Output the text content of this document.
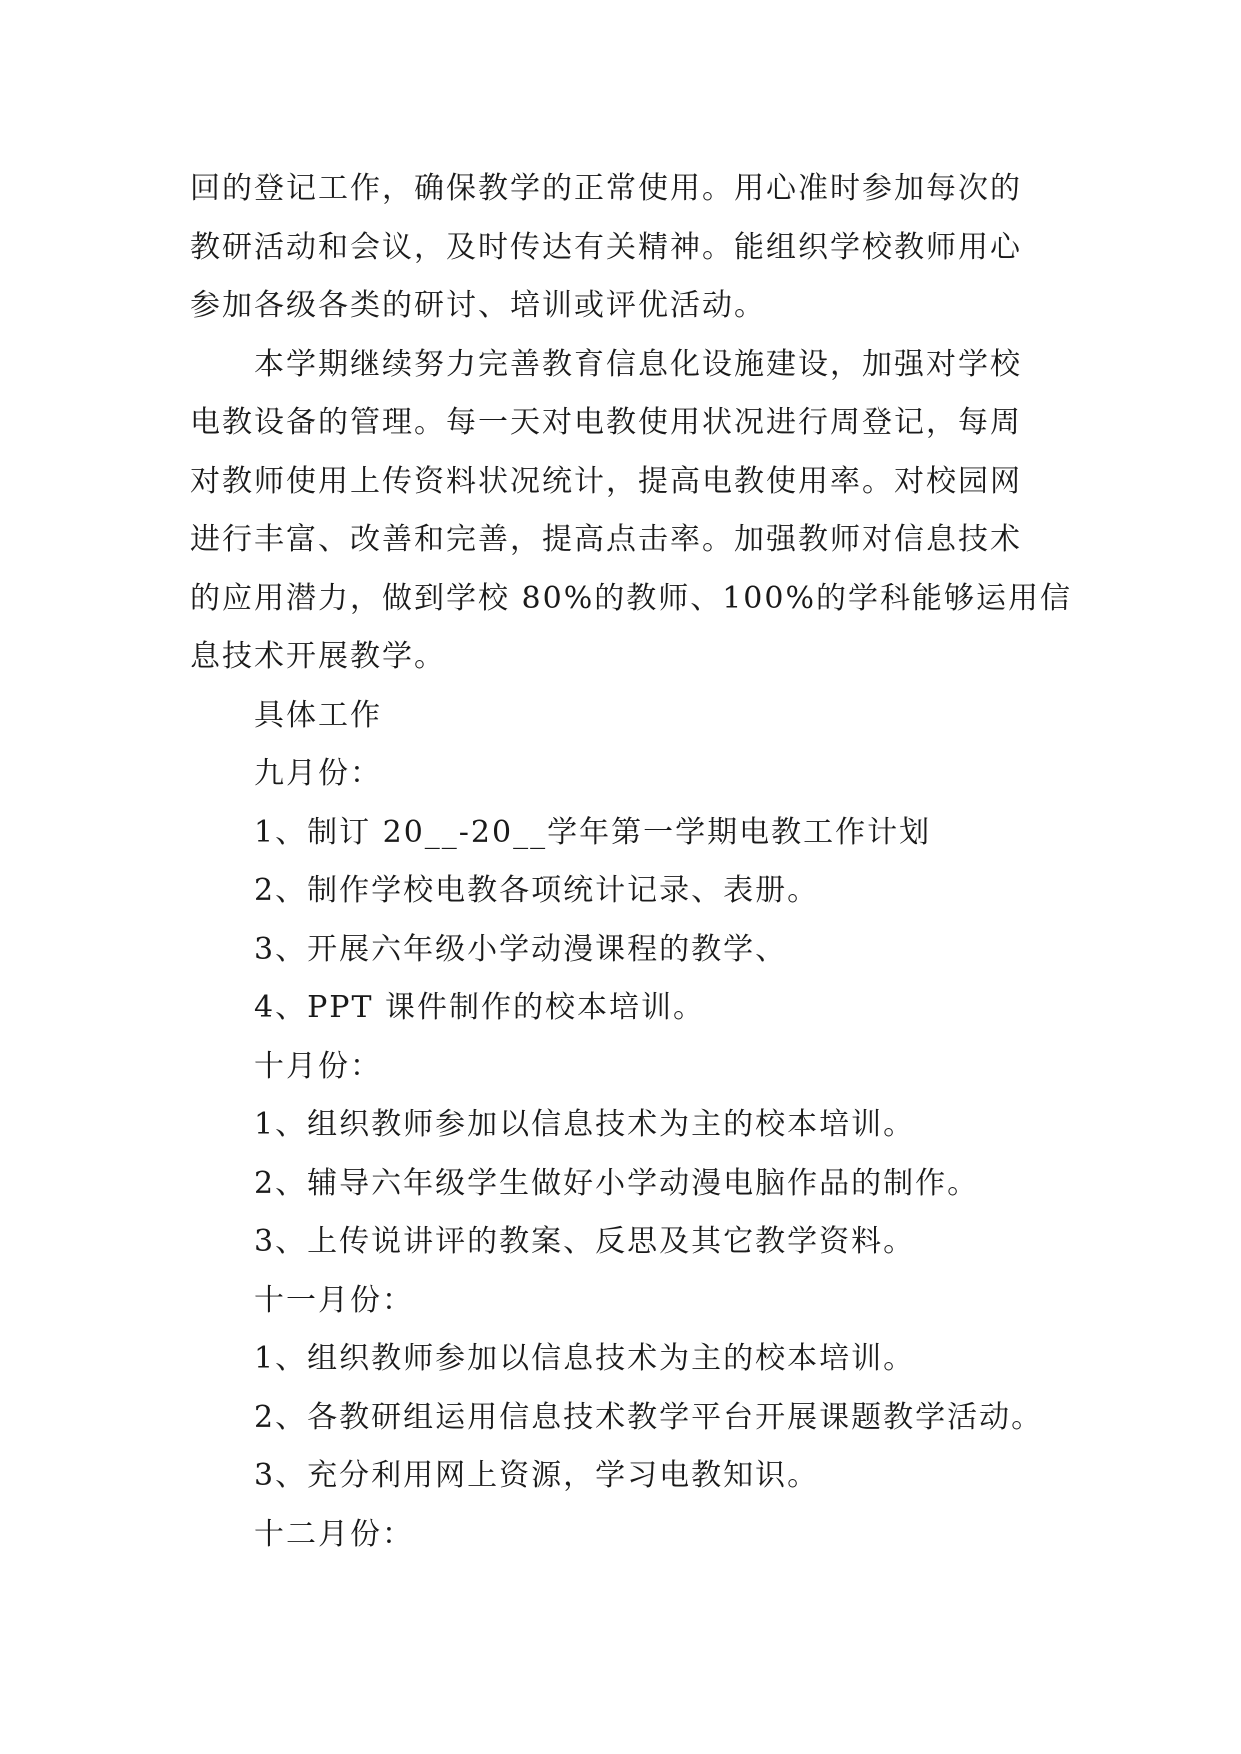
回的登记工作，确保教学的正常使用。用心准时参加每次的
教研活动和会议，及时传达有关精神。能组织学校教师用心
参加各级各类的研讨、培训或评优活动。
本学期继续努力完善教育信息化设施建设，加强对学校
电教设备的管理。每一天对电教使用状况进行周登记，每周
对教师使用上传资料状况统计，提高电教使用率。对校园网
进行丰富、改善和完善，提高点击率。加强教师对信息技术
的应用潜力，做到学校 80%的教师、100%的学科能够运用信
息技术开展教学。

具体工作

九月份：

1、制订 20__-20__学年第一学期电教工作计划

2、制作学校电教各项统计记录、表册。

3、开展六年级小学动漫课程的教学、

4、PPT 课件制作的校本培训。

十月份：

1、组织教师参加以信息技术为主的校本培训。

2、辅导六年级学生做好小学动漫电脑作品的制作。

3、上传说讲评的教案、反思及其它教学资料。

十一月份：

1、组织教师参加以信息技术为主的校本培训。

2、各教研组运用信息技术教学平台开展课题教学活动。

3、充分利用网上资源，学习电教知识。

十二月份：
